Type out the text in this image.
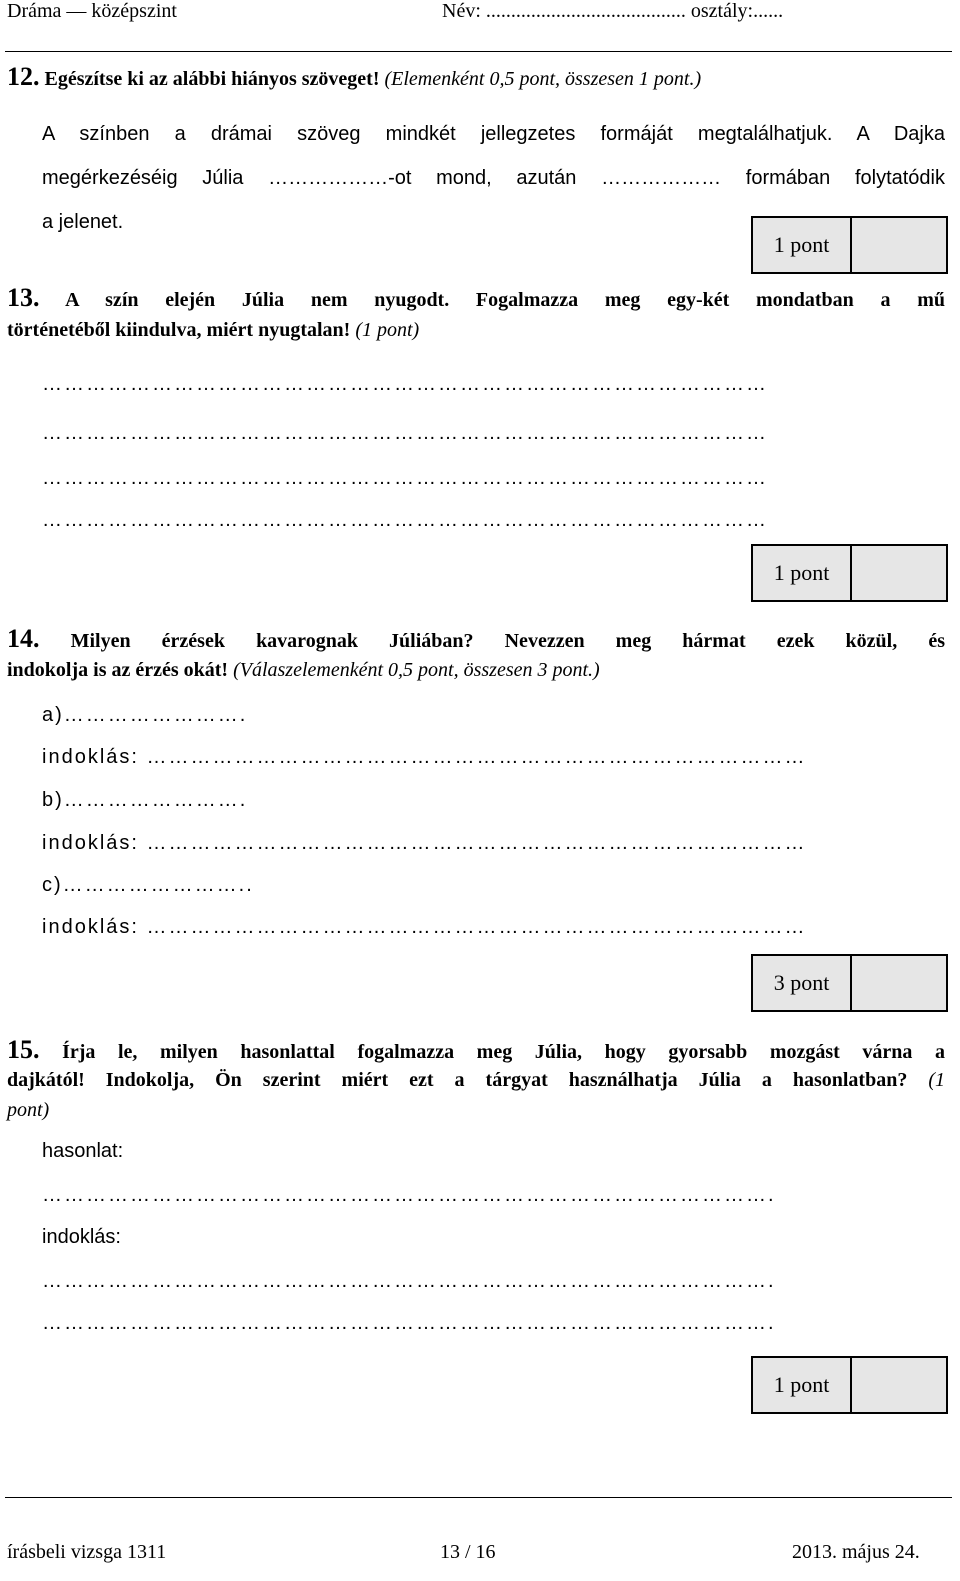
Dráma — középszint	Név: ........................................ osztály:......
12. Egészítse ki az alábbi hiányos szöveget! (Elemenként 0,5 pont, összesen 1 pont.)
A színben a drámai szöveg mindkét jellegzetes formáját megtalálhatjuk. A Dajka
megérkezéséig Júlia ………………-ot mond, azután ……………… formában folytatódik
a jelenet.
1 pont
13. A szín elején Júlia nem nyugodt. Fogalmazza meg egy-két mondatban a mű
történetéből kiindulva, miért nyugtalan! (1 pont)
………………………………………………………………………………………
………………………………………………………………………………………
………………………………………………………………………………………
………………………………………………………………………………………
1 pont
14. Milyen érzések kavarognak Júliában? Nevezzen meg hármat ezek közül, és
indokolja is az érzés okát! (Válaszelemenként 0,5 pont, összesen 3 pont.)
a)…………………….
indoklás: ………………………………………………………………………………
b)…………………….
indoklás: ………………………………………………………………………………
c)……………………..
indoklás: ………………………………………………………………………………
3 pont
15. Írja le, milyen hasonlattal fogalmazza meg Júlia, hogy gyorsabb mozgást várna a
dajkától! Indokolja, Ön szerint miért ezt a tárgyat használhatja Júlia a hasonlatban? (1
pont)
hasonlat:
……………………………………………………………………………………….
indoklás:
……………………………………………………………………………………….
……………………………………………………………………………………….
1 pont
írásbeli vizsga 1311	13 / 16	2013. május 24.
